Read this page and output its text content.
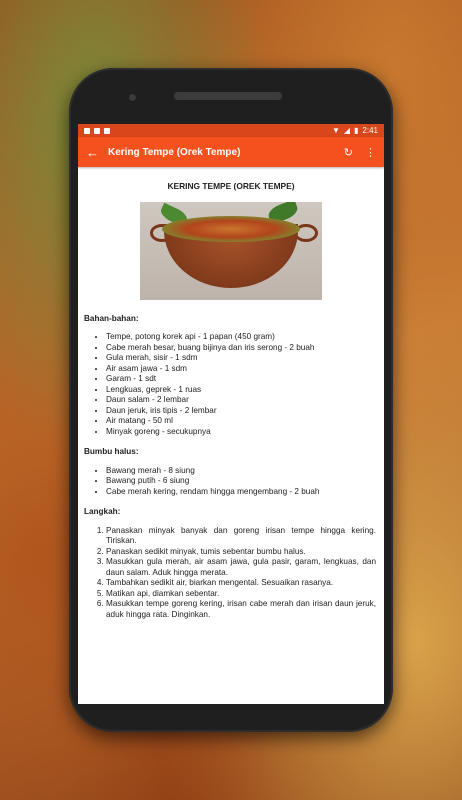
▼ ◢ ▮ 2:41
← Kering Tempe (Orek Tempe)	↻ ⋮
KERING TEMPE (OREK TEMPE)
Bahan-bahan:
• Tempe, potong korek api - 1 papan (450 gram)
• Cabe merah besar, buang bijinya dan iris serong - 2 buah
• Gula merah, sisir - 1 sdm
• Air asam jawa - 1 sdm
• Garam - 1 sdt
• Lengkuas, geprek - 1 ruas
• Daun salam - 2 lembar
• Daun jeruk, iris tipis - 2 lembar
• Air matang - 50 ml
• Minyak goreng - secukupnya
Bumbu halus:
• Bawang merah - 8 siung
• Bawang putih - 6 siung
• Cabe merah kering, rendam hingga mengembang - 2 buah
Langkah:
1. Panaskan minyak banyak dan goreng irisan tempe hingga kering. Tiriskan.
2. Panaskan sedikit minyak, tumis sebentar bumbu halus.
3. Masukkan gula merah, air asam jawa, gula pasir, garam, lengkuas, dan daun salam. Aduk hingga merata.
4. Tambahkan sedikit air, biarkan mengental. Sesuaikan rasanya.
5. Matikan api, diamkan sebentar.
6. Masukkan tempe goreng kering, irisan cabe merah dan irisan daun jeruk, aduk hingga rata. Dinginkan.
